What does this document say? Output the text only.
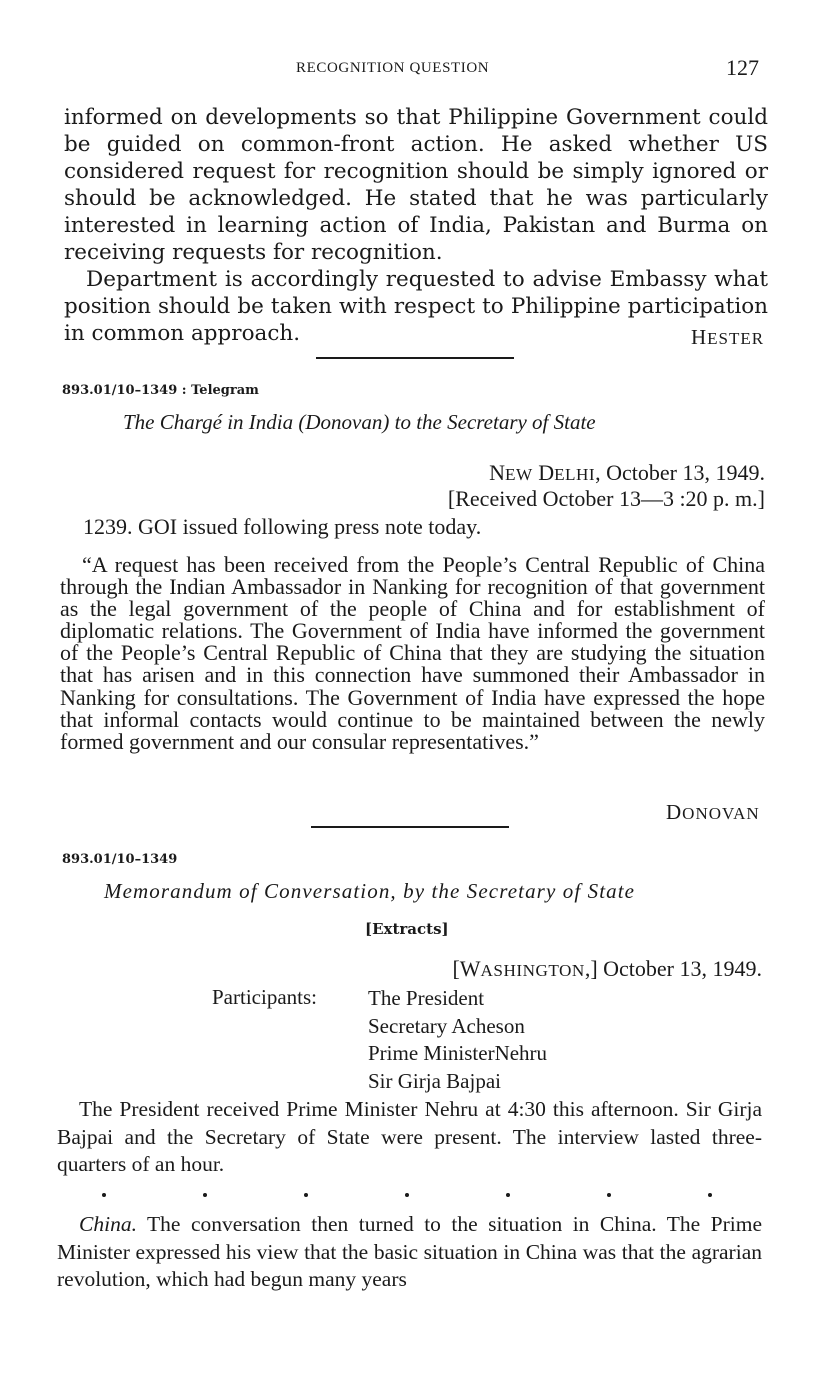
RECOGNITION QUESTION	127

informed on developments so that Philippine Government could be guided on common-front action. He asked whether US considered request for recognition should be simply ignored or should be acknowledged. He stated that he was particularly interested in learning action of India, Pakistan and Burma on receiving requests for recognition.

Department is accordingly requested to advise Embassy what position should be taken with respect to Philippine participation in common approach.	HESTER
893.01/10–1349 : Telegram
The Chargé in India (Donovan) to the Secretary of State
NEW DELHI, October 13, 1949.
[Received October 13—3 :20 p. m.]
1239. GOI issued following press note today.

“A request has been received from the People’s Central Republic of China through the Indian Ambassador in Nanking for recognition of that government as the legal government of the people of China and for establishment of diplomatic relations. The Government of India have informed the government of the People’s Central Republic of China that they are studying the situation that has arisen and in this connection have summoned their Ambassador in Nanking for consultations. The Government of India have expressed the hope that informal contacts would continue to be maintained between the newly formed government and our consular representatives.”

DONOVAN
893.01/10–1349
Memorandum of Conversation, by the Secretary of State
[Extracts]
[WASHINGTON,] October 13, 1949.
Participants: The President
Secretary Acheson
Prime MinisterNehru
Sir Girja Bajpai

The President received Prime Minister Nehru at 4:30 this afternoon. Sir Girja Bajpai and the Secretary of State were present. The interview lasted three-quarters of an hour.

China. The conversation then turned to the situation in China. The Prime Minister expressed his view that the basic situation in China was that the agrarian revolution, which had begun many years
